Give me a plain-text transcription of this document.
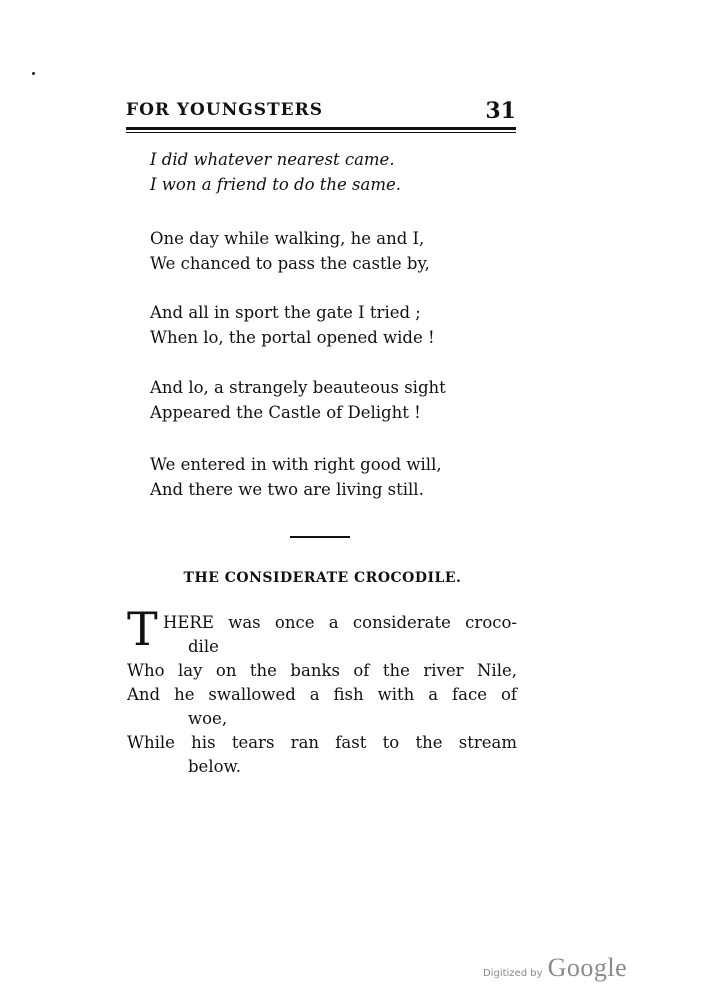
FOR YOUNGSTERS	31
I did whatever nearest came.
I won a friend to do the same.
One day while walking, he and I,
We chanced to pass the castle by,
And all in sport the gate I tried ;
When lo, the portal opened wide !
And lo, a strangely beauteous sight
Appeared the Castle of Delight !
We entered in with right good will,
And there we two are living still.
THE CONSIDERATE CROCODILE.
T HERE was once a considerate croco-
dile
Who lay on the banks of the river Nile,
And he swallowed a fish with a face of
woe,
While his tears ran fast to the stream
below.
Digitized by Google
